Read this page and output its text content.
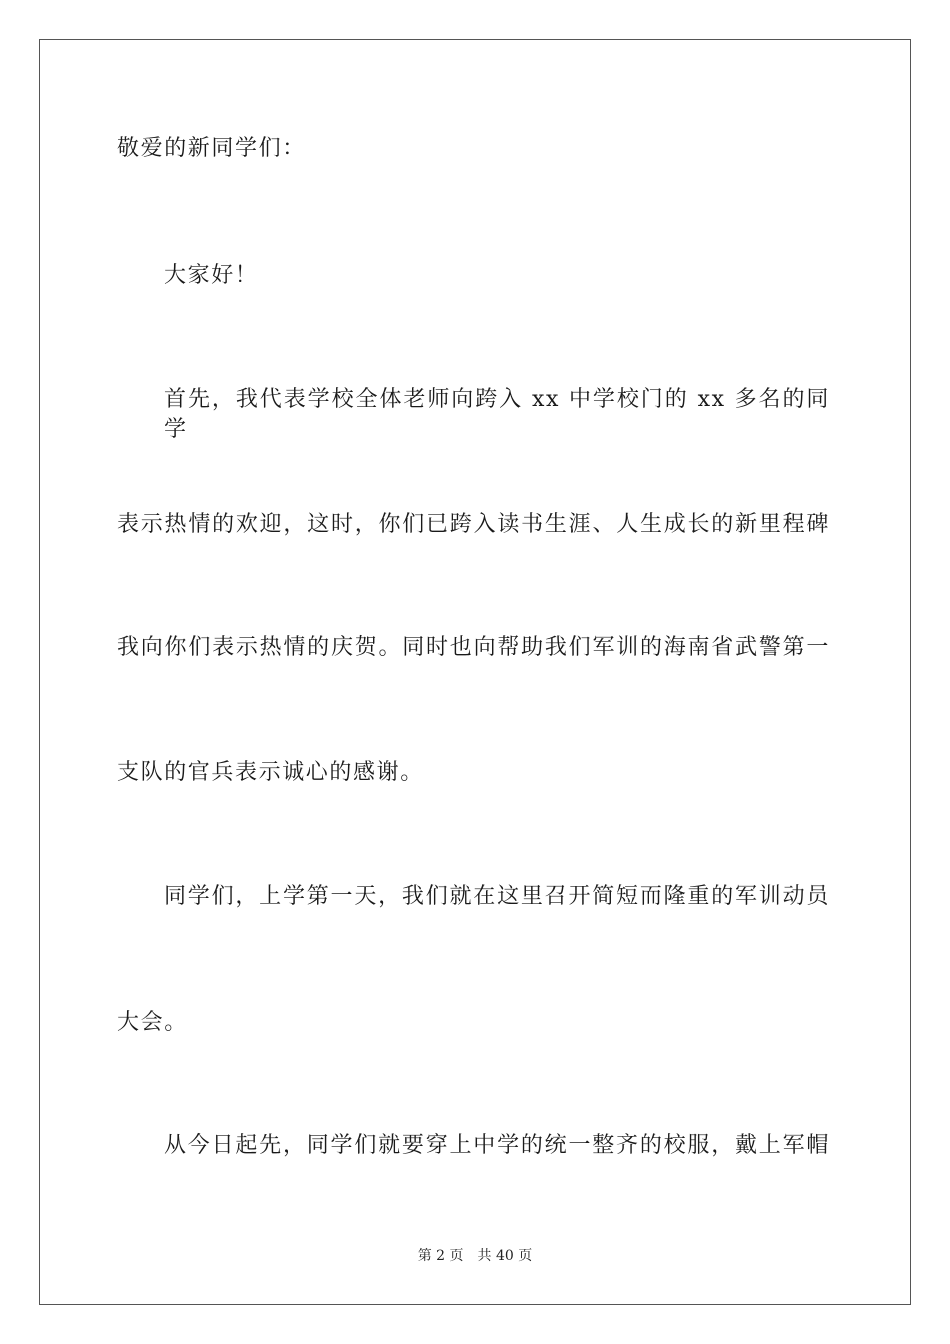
敬爱的新同学们：
大家好！
首先，我代表学校全体老师向跨入 xx 中学校门的 xx 多名的同学
表示热情的欢迎，这时，你们已跨入读书生涯、人生成长的新里程碑
我向你们表示热情的庆贺。同时也向帮助我们军训的海南省武警第一
支队的官兵表示诚心的感谢。
同学们，上学第一天，我们就在这里召开简短而隆重的军训动员
大会。
从今日起先，同学们就要穿上中学的统一整齐的校服，戴上军帽
第 2 页 共 40 页
